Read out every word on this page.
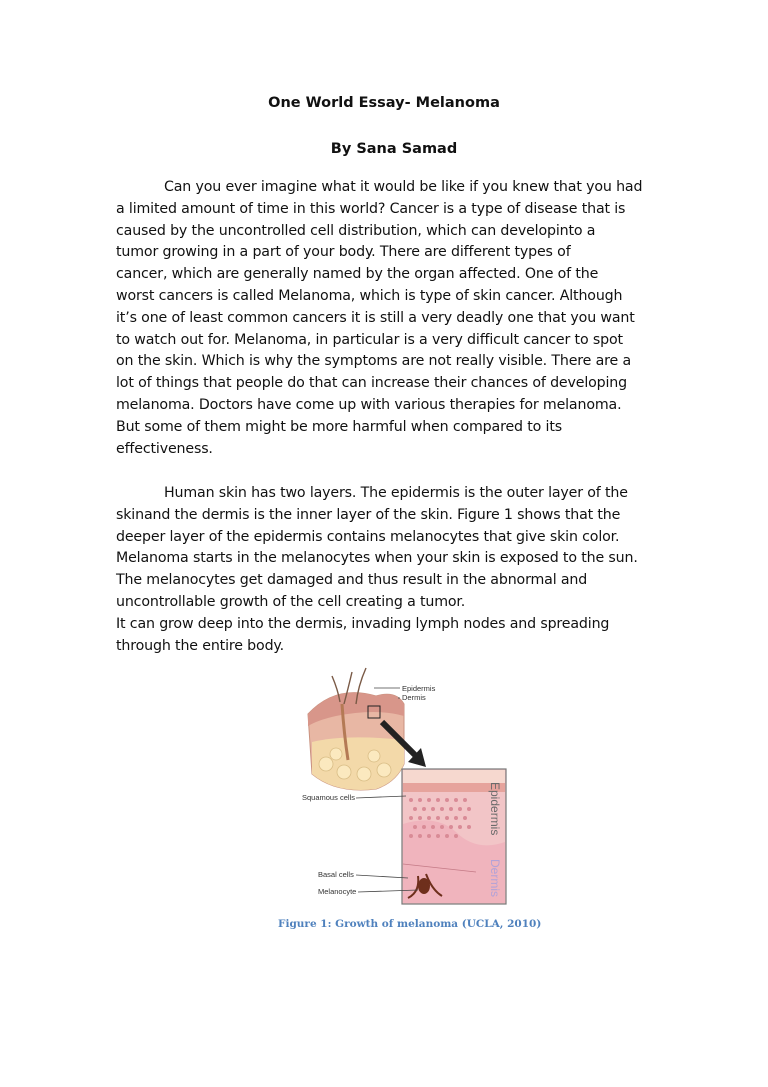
One World Essay- Melanoma
By Sana Samad
Can you ever imagine what it would be like if you knew that you had
a limited amount of time in this world? Cancer is a type of disease that is
caused by the uncontrolled cell distribution, which can developinto a
tumor growing in a part of your body. There are different types of
cancer, which are generally named by the organ affected. One of the
worst cancers is called Melanoma, which is type of skin cancer. Although
it’s one of least common cancers it is still a very deadly one that you want
to watch out for. Melanoma, in particular is a very difficult cancer to spot
on the skin. Which is why the symptoms are not really visible. There are a
lot of things that people do that can increase their chances of developing
melanoma. Doctors have come up with various therapies for melanoma.
But some of them might be more harmful when compared to its
effectiveness.
Human skin has two layers. The epidermis is the outer layer of the
skinand the dermis is the inner layer of the skin. Figure 1 shows that the
deeper layer of the epidermis contains melanocytes that give skin color.
Melanoma starts in the melanocytes when your skin is exposed to the sun.
The melanocytes get damaged and thus result in the abnormal and
uncontrollable growth of the cell creating a tumor.
It can grow deep into the dermis, invading lymph nodes and spreading
through the entire body.
Epidermis
Dermis
Squamous cells
Basal cells
Melanocyte
Epidermis
Dermis
Figure 1: Growth of melanoma (UCLA, 2010)
